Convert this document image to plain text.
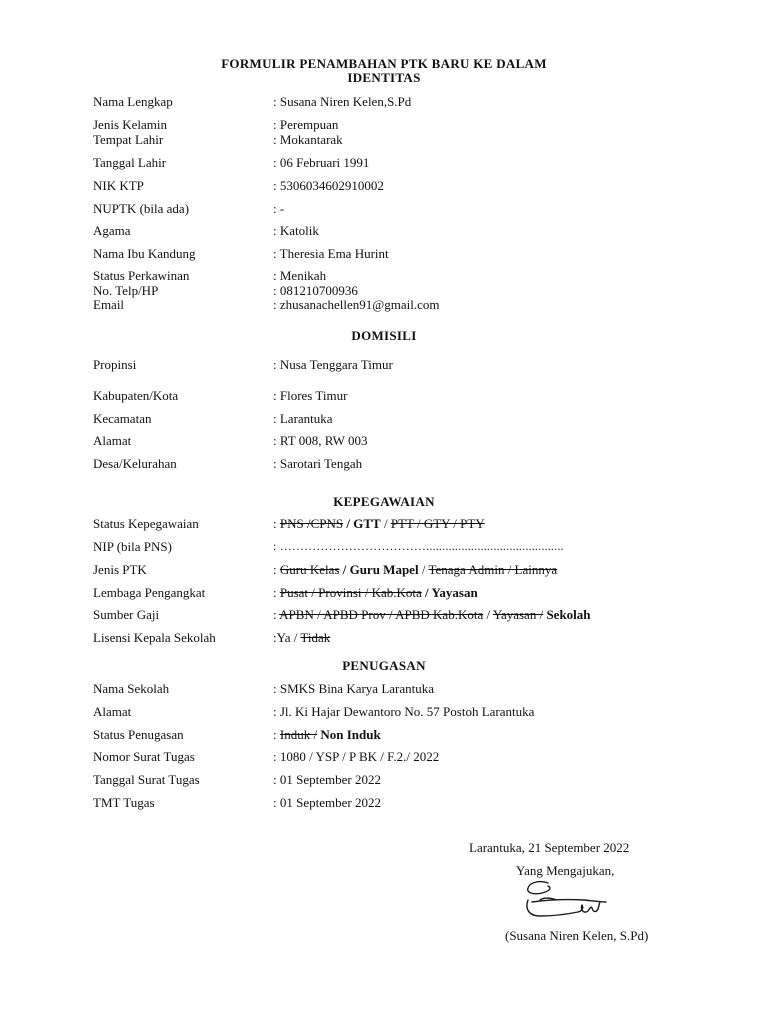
FORMULIR PENAMBAHAN PTK BARU KE DALAM
IDENTITAS
Nama Lengkap	: Susana Niren Kelen,S.Pd
Jenis Kelamin	: Perempuan
Tempat Lahir	: Mokantarak
Tanggal Lahir	: 06 Februari 1991
NIK KTP	: 5306034602910002
NUPTK (bila ada)	: -
Agama	: Katolik
Nama Ibu Kandung	: Theresia Ema Hurint
Status Perkawinan	: Menikah
No. Telp/HP	: 081210700936
Email	: zhusanachellen91@gmail.com
DOMISILI
Propinsi	: Nusa Tenggara Timur
Kabupaten/Kota	: Flores Timur
Kecamatan	: Larantuka
Alamat	: RT 008, RW 003
Desa/Kelurahan	: Sarotari Tengah
KEPEGAWAIAN
Status Kepegawaian	: PNS /CPNS / GTT / PTT / GTY / PTY
NIP (bila PNS)	: ………………………………...........................................
Jenis PTK	: Guru Kelas / Guru Mapel / Tenaga Admin / Lainnya
Lembaga Pengangkat	: Pusat / Provinsi / Kab.Kota / Yayasan
Sumber Gaji	: APBN / APBD Prov / APBD Kab.Kota / Yayasan / Sekolah
Lisensi Kepala Sekolah	:Ya / Tidak
PENUGASAN
Nama Sekolah	: SMKS Bina Karya Larantuka
Alamat	: Jl. Ki Hajar Dewantoro No. 57 Postoh Larantuka
Status Penugasan	: Induk / Non Induk
Nomor Surat Tugas	: 1080 / YSP / P BK / F.2./ 2022
Tanggal Surat Tugas	: 01 September 2022
TMT Tugas	: 01 September 2022
Larantuka, 21 September 2022
Yang Mengajukan,
(Susana Niren Kelen, S.Pd)
